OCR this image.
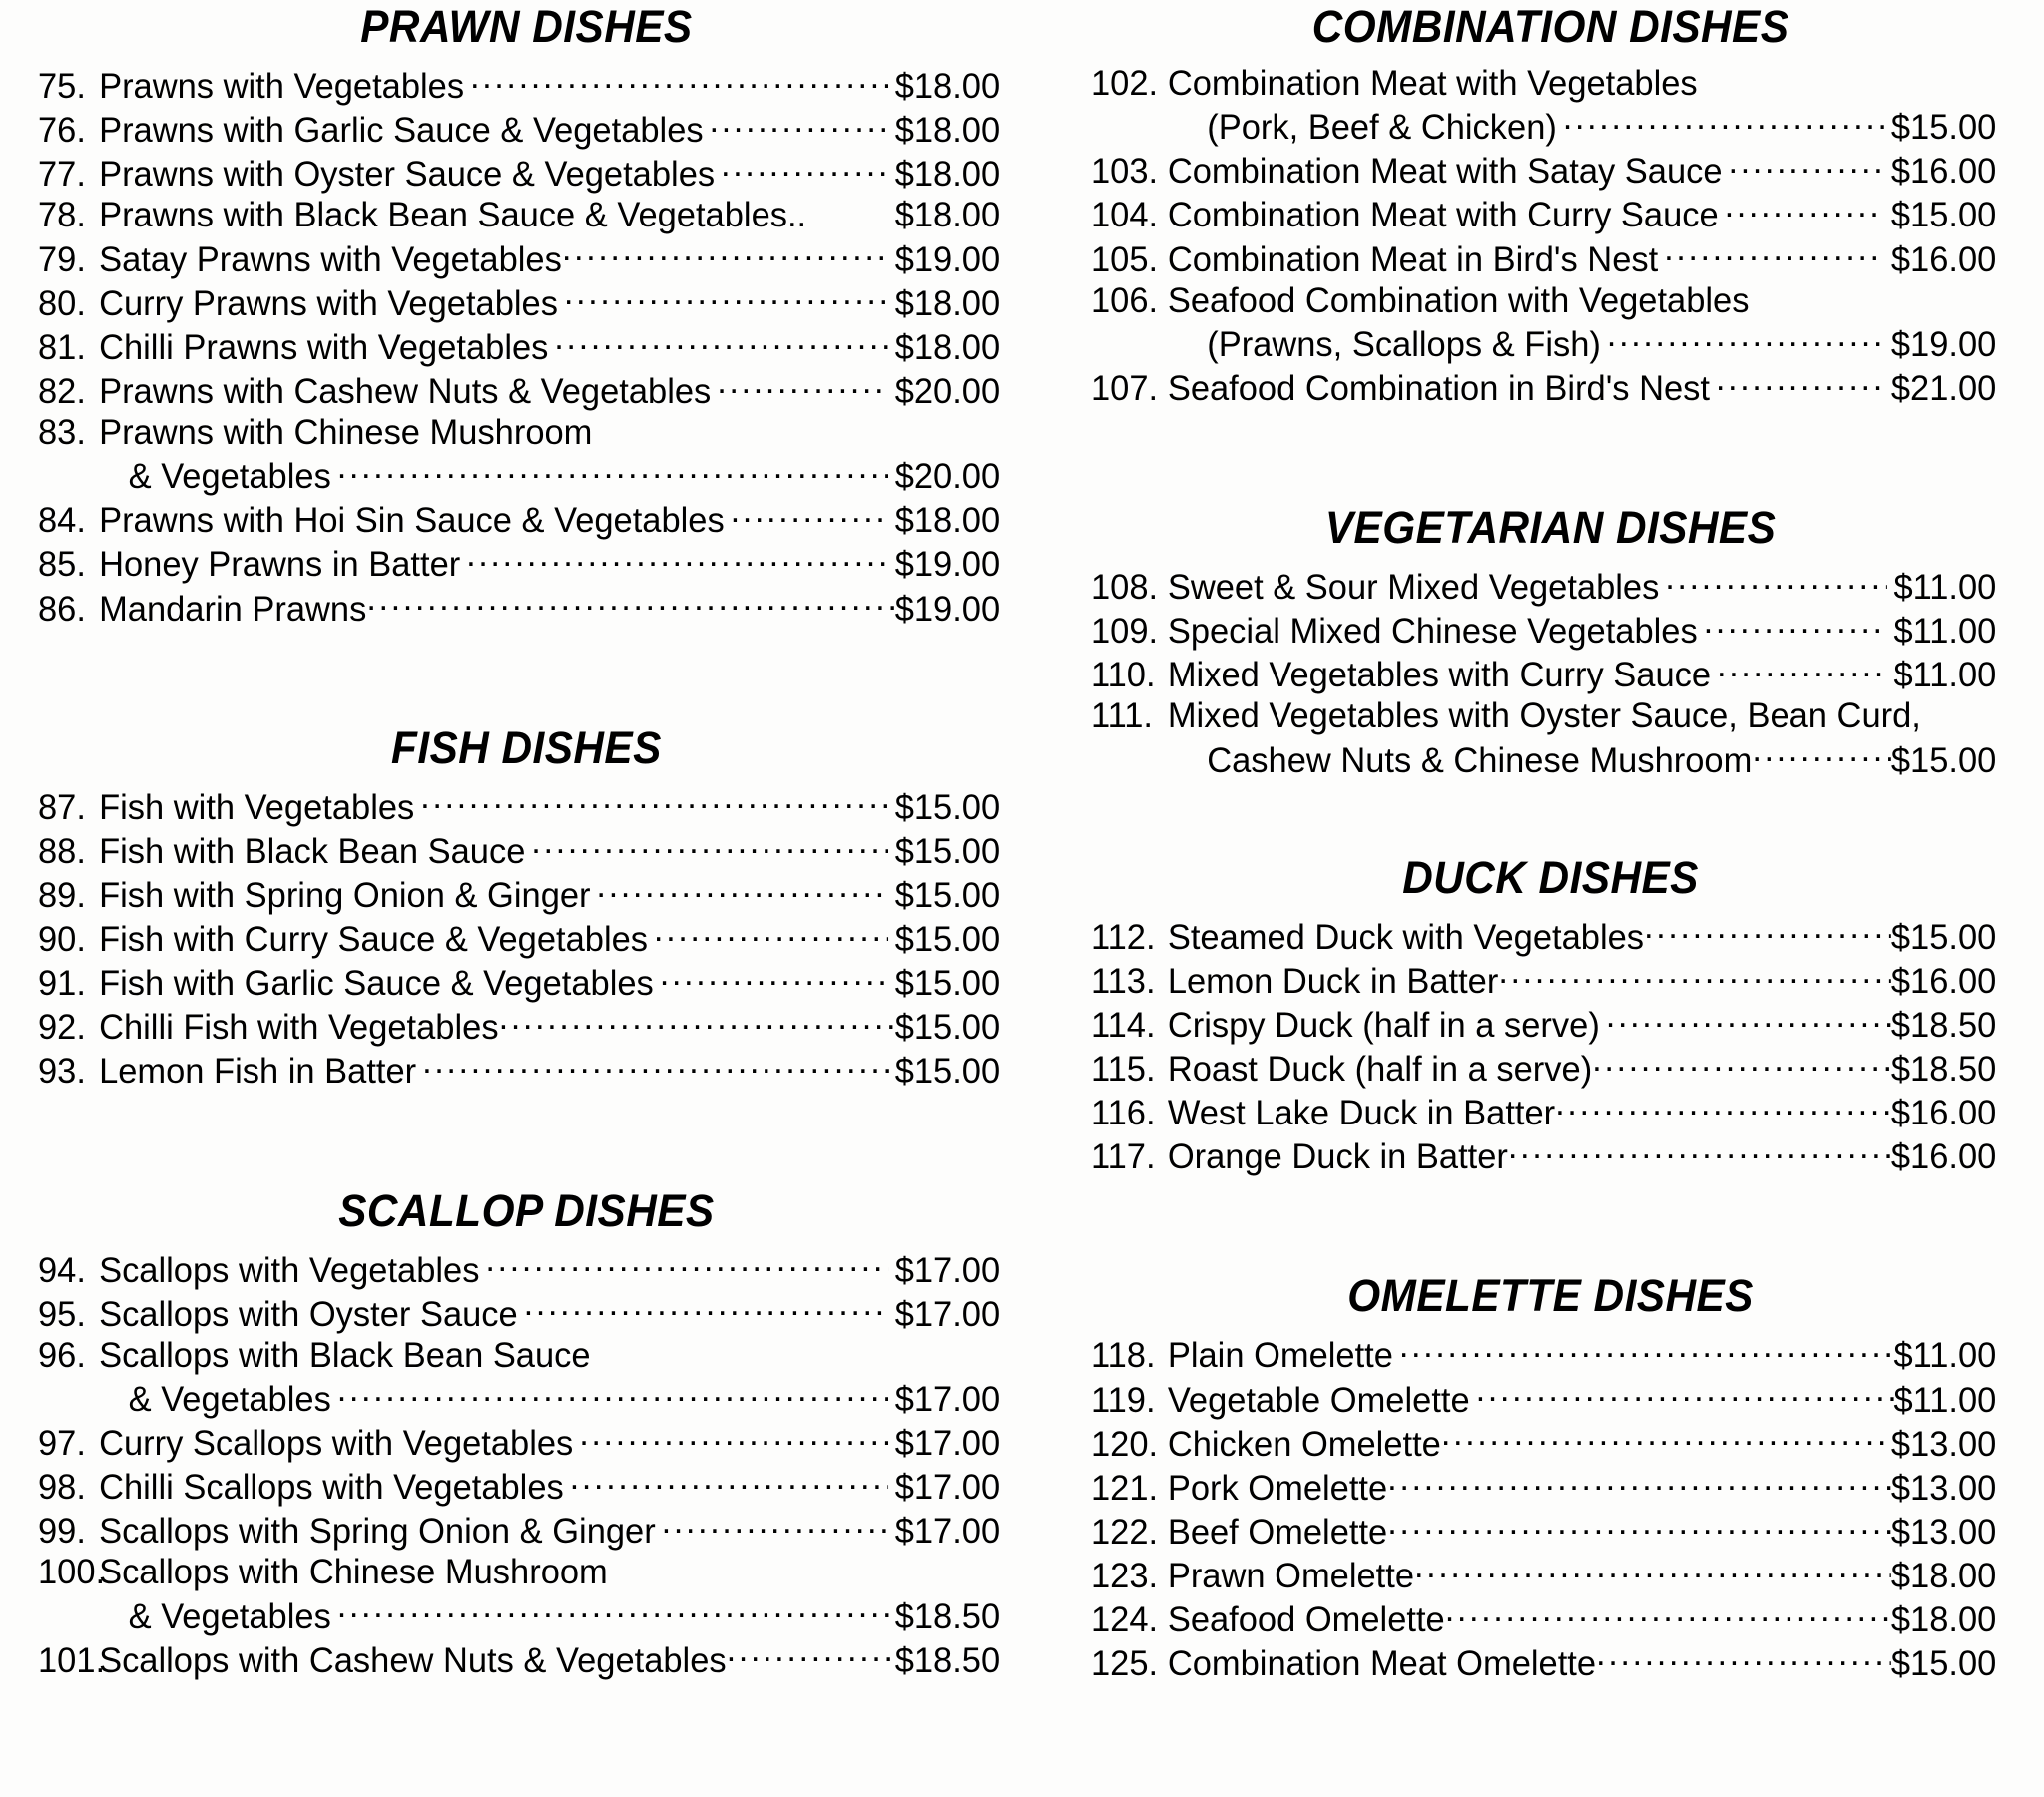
PRAWN DISHES
75. Prawns with Vegetables .....	$18.00
76. Prawns with Garlic Sauce & Vegetables .....	$18.00
77. Prawns with Oyster Sauce & Vegetables .....	$18.00
78. Prawns with Black Bean Sauce & Vegetables..	$18.00
79. Satay Prawns with Vegetables .....	$19.00
80. Curry Prawns with Vegetables .....	$18.00
81. Chilli Prawns with Vegetables .....	$18.00
82. Prawns with Cashew Nuts & Vegetables .....	$20.00
83. Prawns with Chinese Mushroom
& Vegetables .....	$20.00
84. Prawns with Hoi Sin Sauce & Vegetables .....	$18.00
85. Honey Prawns in Batter .....	$19.00
86. Mandarin Prawns .....	$19.00
FISH DISHES
87. Fish with Vegetables .....	$15.00
88. Fish with Black Bean Sauce .....	$15.00
89. Fish with Spring Onion & Ginger .....	$15.00
90. Fish with Curry Sauce & Vegetables .....	$15.00
91. Fish with Garlic Sauce & Vegetables .....	$15.00
92. Chilli Fish with Vegetables .....	$15.00
93. Lemon Fish in Batter .....	$15.00
SCALLOP DISHES
94. Scallops with Vegetables .....	$17.00
95. Scallops with Oyster Sauce .....	$17.00
96. Scallops with Black Bean Sauce
& Vegetables .....	$17.00
97. Curry Scallops with Vegetables .....	$17.00
98. Chilli Scallops with Vegetables .....	$17.00
99. Scallops with Spring Onion & Ginger .....	$17.00
100.
Scallops with Chinese Mushroom
& Vegetables .....	$18.50
101.
Scallops with Cashew Nuts & Vegetables .....	$18.50
COMBINATION DISHES
102. Combination Meat with Vegetables
(Pork, Beef & Chicken) .....	$15.00
103. Combination Meat with Satay Sauce .....	$16.00
104. Combination Meat with Curry Sauce .....	$15.00
105. Combination Meat in Bird's Nest .....	$16.00
106. Seafood Combination with Vegetables
(Prawns, Scallops & Fish) .....	$19.00
107. Seafood Combination in Bird's Nest .....	$21.00
VEGETARIAN DISHES
108. Sweet & Sour Mixed Vegetables .....	$11.00
109. Special Mixed Chinese Vegetables .....	$11.00
110. Mixed Vegetables with Curry Sauce .....	$11.00
111. Mixed Vegetables with Oyster Sauce, Bean Curd,
Cashew Nuts & Chinese Mushroom .....	$15.00
DUCK DISHES
112. Steamed Duck with Vegetables .....	$15.00
113. Lemon Duck in Batter .....	$16.00
114. Crispy Duck (half in a serve) .....	$18.50
115. Roast Duck (half in a serve) .....	$18.50
116. West Lake Duck in Batter .....	$16.00
117. Orange Duck in Batter .....	$16.00
OMELETTE DISHES
118. Plain Omelette .....	$11.00
119. Vegetable Omelette .....	$11.00
120. Chicken Omelette .....	$13.00
121. Pork Omelette .....	$13.00
122. Beef Omelette .....	$13.00
123. Prawn Omelette .....	$18.00
124. Seafood Omelette .....	$18.00
125. Combination Meat Omelette .....	$15.00
